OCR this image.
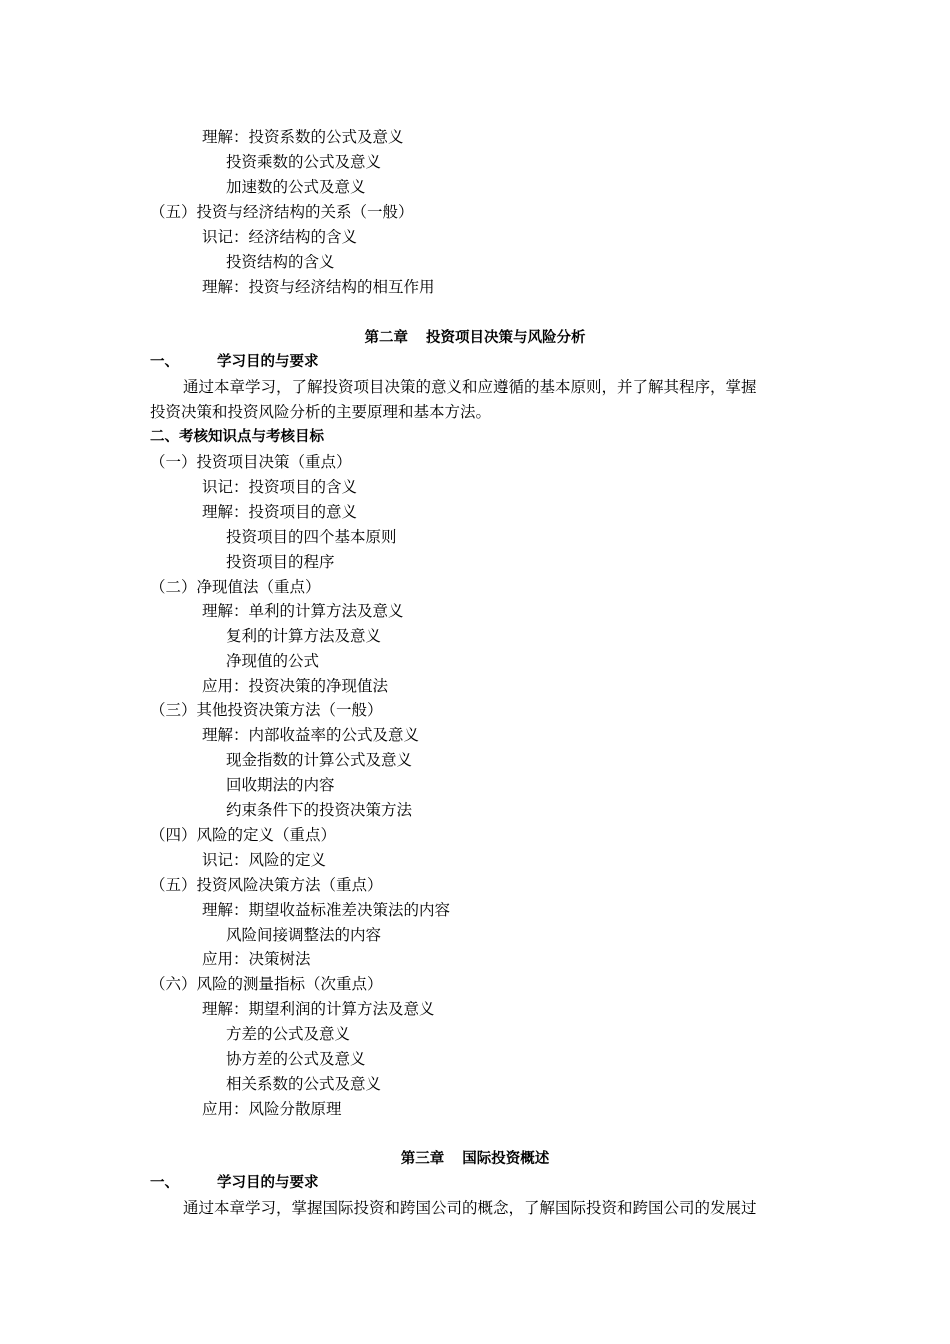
理解：投资系数的公式及意义
投资乘数的公式及意义
加速数的公式及意义
（五）投资与经济结构的关系（一般）
识记：经济结构的含义
投资结构的含义
理解：投资与经济结构的相互作用
第二章 投资项目决策与风险分析
一、	学习目的与要求
通过本章学习，了解投资项目决策的意义和应遵循的基本原则，并了解其程序，掌握
投资决策和投资风险分析的主要原理和基本方法。
二、考核知识点与考核目标
（一）投资项目决策（重点）
识记：投资项目的含义
理解：投资项目的意义
投资项目的四个基本原则
投资项目的程序
（二）净现值法（重点）
理解：单利的计算方法及意义
复利的计算方法及意义
净现值的公式
应用：投资决策的净现值法
（三）其他投资决策方法（一般）
理解：内部收益率的公式及意义
现金指数的计算公式及意义
回收期法的内容
约束条件下的投资决策方法
（四）风险的定义（重点）
识记：风险的定义
（五）投资风险决策方法（重点）
理解：期望收益标准差决策法的内容
风险间接调整法的内容
应用：决策树法
（六）风险的测量指标（次重点）
理解：期望利润的计算方法及意义
方差的公式及意义
协方差的公式及意义
相关系数的公式及意义
应用：风险分散原理
第三章 国际投资概述
一、	学习目的与要求
通过本章学习，掌握国际投资和跨国公司的概念，了解国际投资和跨国公司的发展过
